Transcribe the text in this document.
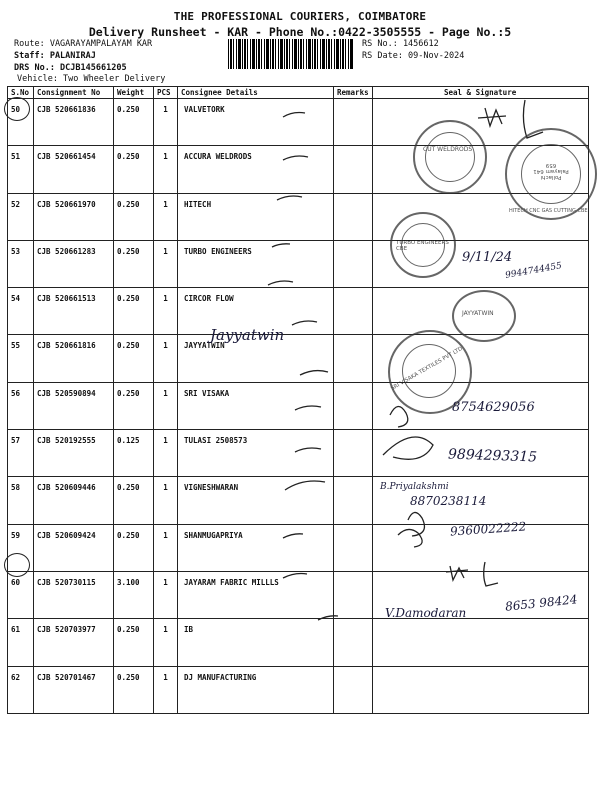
THE PROFESSIONAL COURIERS, COIMBATORE
Delivery Runsheet - KAR - Phone No.:0422-3505555 - Page No.:5
Route: VAGARAYAMPALAYAM KAR
Staff: PALANIRAJ
DRS No.: DCJB145661205
Vehicle: Two Wheeler Delivery
RS No.: 1456612
RS Date: 09-Nov-2024
S.No	Consignment No	Weight	PCS	Consignee Details	Remarks	Seal & Signature
50	CJB 520661836	0.250	1	VALVETORK		
51	CJB 520661454	0.250	1	ACCURA WELDRODS		
52	CJB 520661970	0.250	1	HITECH		
53	CJB 520661283	0.250	1	TURBO ENGINEERS		
54	CJB 520661513	0.250	1	CIRCOR FLOW		
55	CJB 520661816	0.250	1	JAYYATWIN		
56	CJB 520590894	0.250	1	SRI VISAKA		
57	CJB 520192555	0.125	1	TULASI 2508573		
58	CJB 520609446	0.250	1	VIGNESHWARAN		
59	CJB 520609424	0.250	1	SHANMUGAPRIYA		
60	CJB 520730115	3.100	1	JAYARAM FABRIC MILLLS		
61	CJB 520703977	0.250	1	IB		
62	CJB 520701467	0.250	1	DJ MANUFACTURING		
CUT WELDRODS
Pollachi Palayam 641 659
HITECH CNC GAS CUTTING CBE
TURBO ENGINEERS CBE
JAYYATWIN
SRI VISAKA TEXTILES PVT LTD
Jayyatwin
9/11/24
9944744455
8754629056
9894293315
B.Priyalakshmi
8870238114
9360022222
V.Damodaran	8653 98424
